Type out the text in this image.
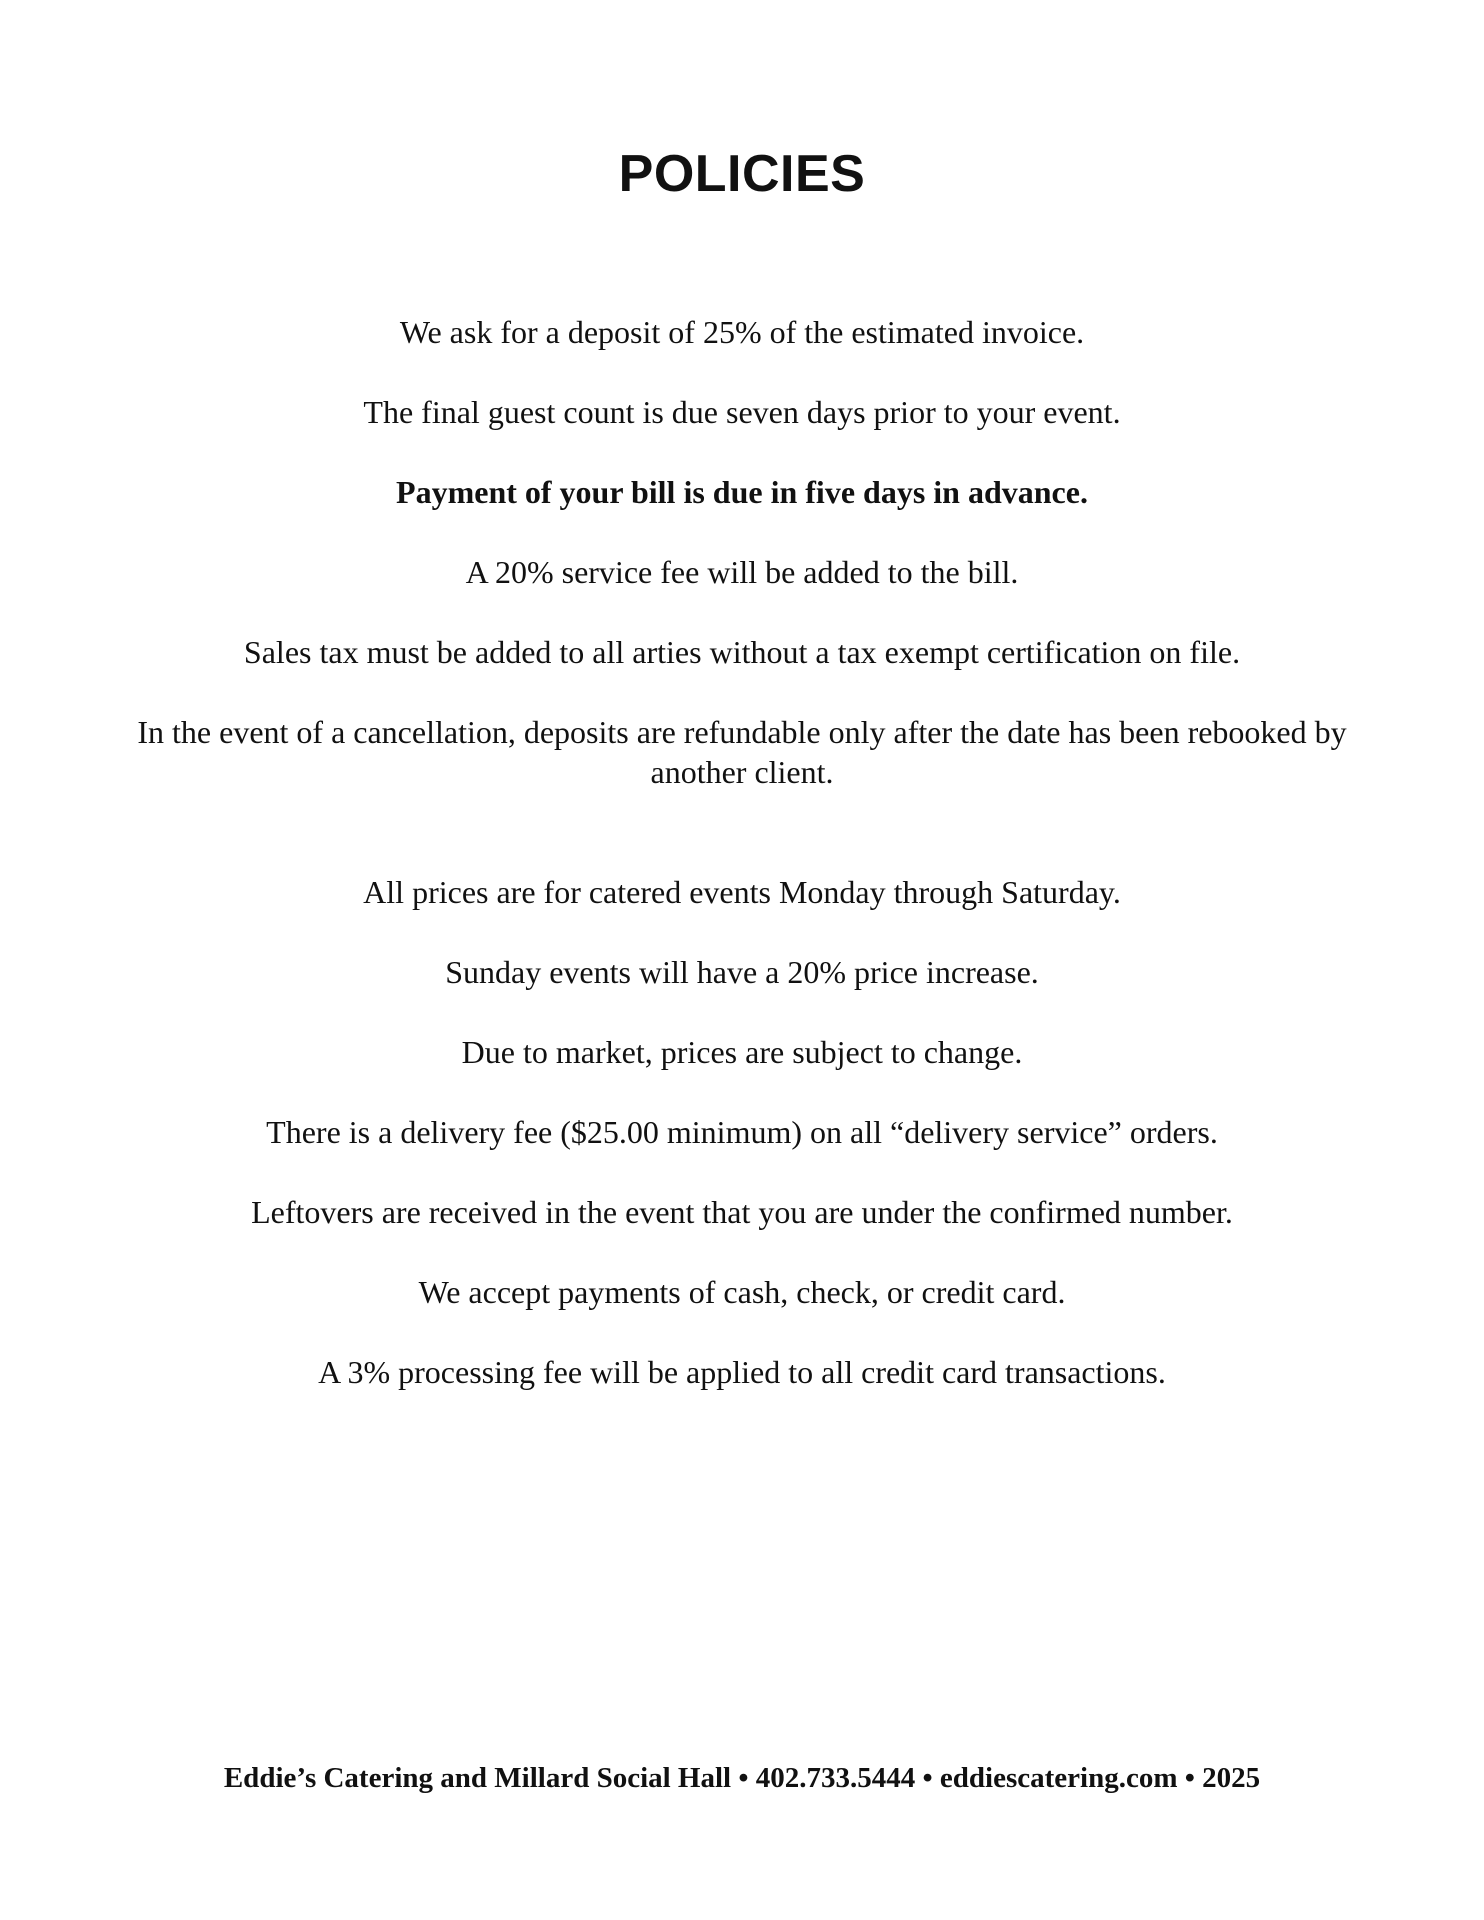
POLICIES

We ask for a deposit of 25% of the estimated invoice.

The final guest count is due seven days prior to your event.

Payment of your bill is due in five days in advance.

A 20% service fee will be added to the bill.

Sales tax must be added to all arties without a tax exempt certification on file.

In the event of a cancellation, deposits are refundable only after the date has been rebooked by another client.

All prices are for catered events Monday through Saturday.

Sunday events will have a 20% price increase.

Due to market, prices are subject to change.

There is a delivery fee ($25.00 minimum) on all “delivery service” orders.

Leftovers are received in the event that you are under the confirmed number.

We accept payments of cash, check, or credit card.

A 3% processing fee will be applied to all credit card transactions.

Eddie’s Catering and Millard Social Hall • 402.733.5444 • eddiescatering.com • 2025
